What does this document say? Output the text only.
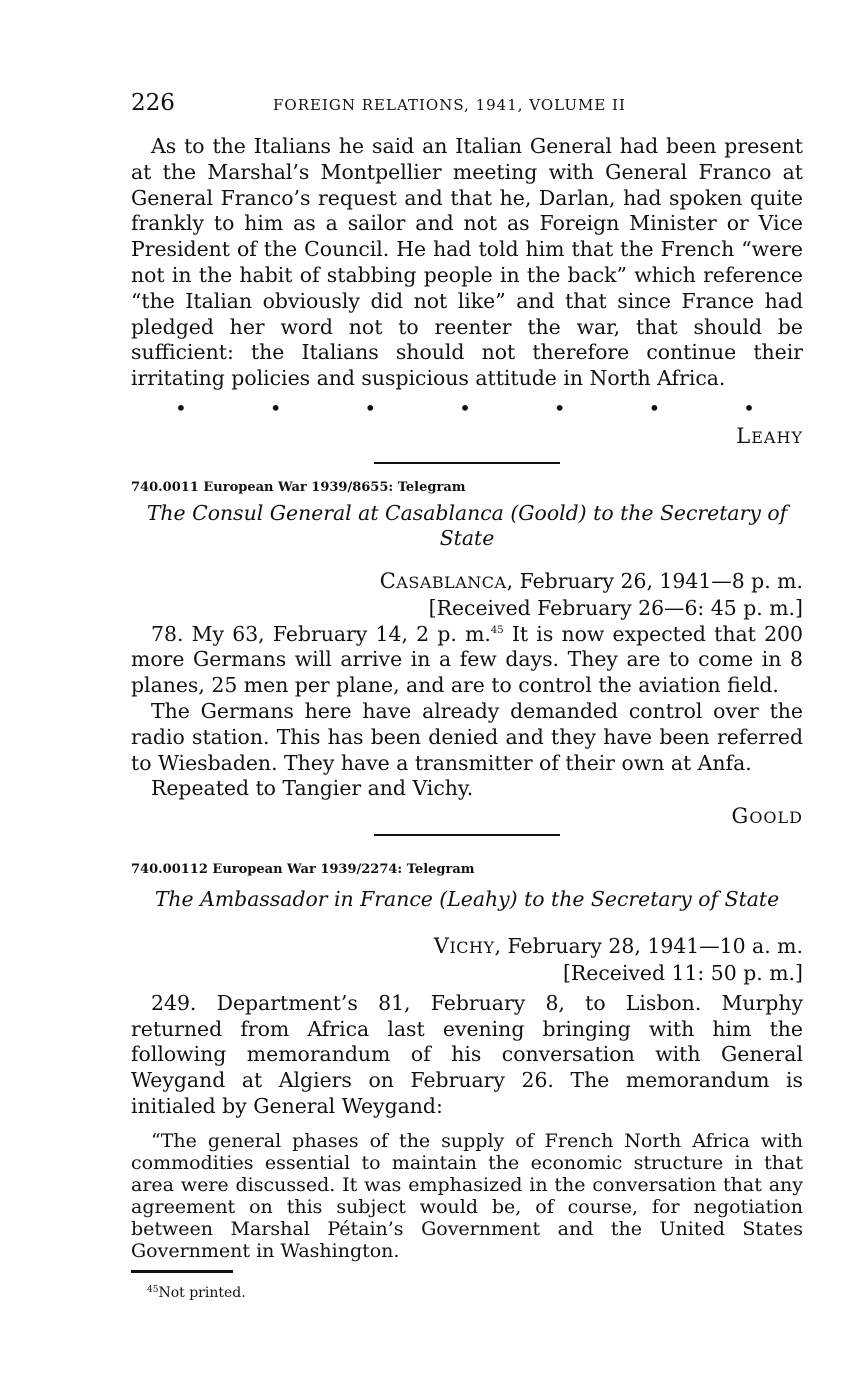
226	FOREIGN RELATIONS, 1941, VOLUME II

As to the Italians he said an Italian General had been present at the Marshal’s Montpellier meeting with General Franco at General Franco’s request and that he, Darlan, had spoken quite frankly to him as a sailor and not as Foreign Minister or Vice President of the Council. He had told him that the French “were not in the habit of stabbing people in the back” which reference “the Italian obviously did not like” and that since France had pledged her word not to reenter the war, that should be sufficient: the Italians should not therefore continue their irritating policies and suspicious attitude in North Africa.

•	•	•	•	•	•	•
LEAHY
740.0011 European War 1939/8655: Telegram
The Consul General at Casablanca (Goold) to the Secretary of State
CASABLANCA, February 26, 1941—8 p. m.
[Received February 26—6: 45 p. m.]

78. My 63, February 14, 2 p. m.$^{45}$ It is now expected that 200 more Germans will arrive in a few days. They are to come in 8 planes, 25 men per plane, and are to control the aviation field.

The Germans here have already demanded control over the radio station. This has been denied and they have been referred to Wiesbaden. They have a transmitter of their own at Anfa.

Repeated to Tangier and Vichy.

GOOLD
740.00112 European War 1939/2274: Telegram
The Ambassador in France (Leahy) to the Secretary of State
VICHY, February 28, 1941—10 a. m.
[Received 11: 50 p. m.]

249. Department’s 81, February 8, to Lisbon. Murphy returned from Africa last evening bringing with him the following memorandum of his conversation with General Weygand at Algiers on February 26. The memorandum is initialed by General Weygand:

“The general phases of the supply of French North Africa with commodities essential to maintain the economic structure in that area were discussed. It was emphasized in the conversation that any agreement on this subject would be, of course, for negotiation between Marshal Pétain’s Government and the United States Government in Washington.
$^{45}$Not printed.
